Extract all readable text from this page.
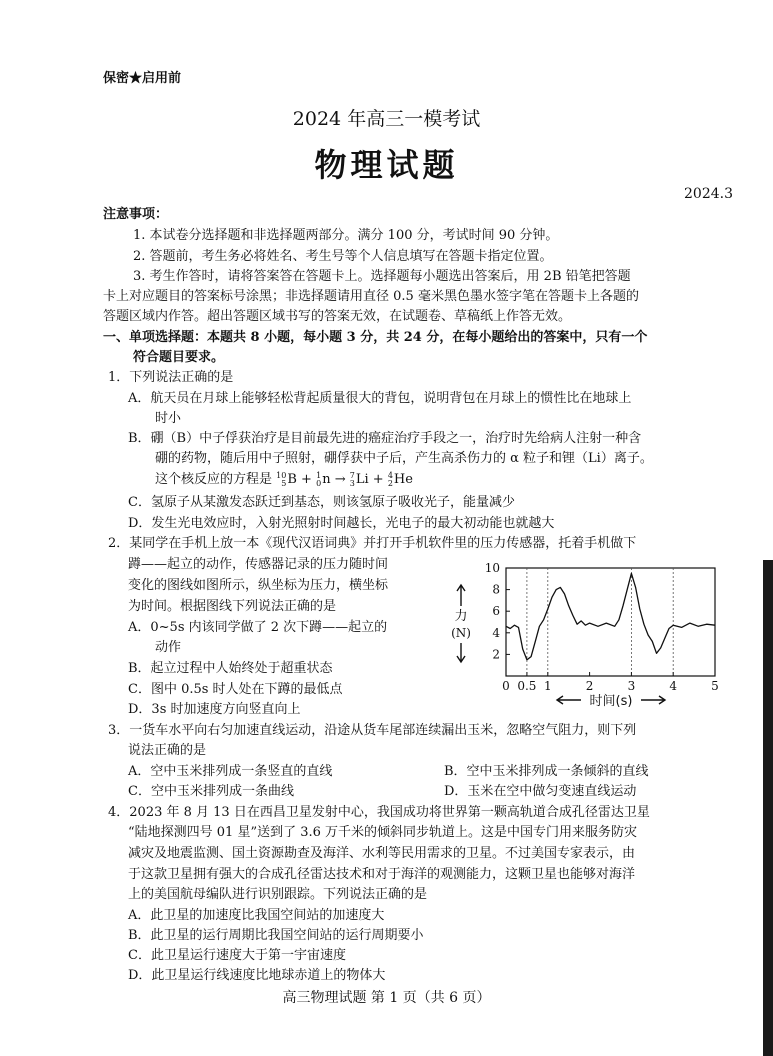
保密★启用前
2024 年高三一模考试
物理试题
2024.3
注意事项：
1. 本试卷分选择题和非选择题两部分。满分 100 分，考试时间 90 分钟。
2. 答题前，考生务必将姓名、考生号等个人信息填写在答题卡指定位置。
3. 考生作答时，请将答案答在答题卡上。选择题每小题选出答案后，用 2B 铅笔把答题
卡上对应题目的答案标号涂黑；非选择题请用直径 0.5 毫米黑色墨水签字笔在答题卡上各题的
答题区域内作答。超出答题区域书写的答案无效，在试题卷、草稿纸上作答无效。
一、单项选择题：本题共 8 小题，每小题 3 分，共 24 分，在每小题给出的答案中，只有一个
符合题目要求。
1．下列说法正确的是
A．航天员在月球上能够轻松背起质量很大的背包，说明背包在月球上的惯性比在地球上
时小
B．硼（B）中子俘获治疗是目前最先进的癌症治疗手段之一，治疗时先给病人注射一种含
硼的药物，随后用中子照射，硼俘获中子后，产生高杀伤力的 α 粒子和锂（Li）离子。
这个核反应的方程是 10
5B + 1
0n → 7
3Li + 4
2He
C．氢原子从某激发态跃迁到基态，则该氢原子吸收光子，能量减少
D．发生光电效应时，入射光照射时间越长，光电子的最大初动能也就越大
2．某同学在手机上放一本《现代汉语词典》并打开手机软件里的压力传感器，托着手机做下
蹲——起立的动作，传感器记录的压力随时间
变化的图线如图所示，纵坐标为压力，横坐标
为时间。根据图线下列说法正确的是
A．0~5s 内该同学做了 2 次下蹲——起立的
动作
B．起立过程中人始终处于超重状态
C．图中 0.5s 时人处在下蹲的最低点
D．3s 时加速度方向竖直向上
2
4
6
8
10
0 0.5 1	2	3	4	5
力
(N)
时间(s)
3．一货车水平向右匀加速直线运动，沿途从货车尾部连续漏出玉米，忽略空气阻力，则下列
说法正确的是
A．空中玉米排列成一条竖直的直线	B．空中玉米排列成一条倾斜的直线
C．空中玉米排列成一条曲线	D．玉米在空中做匀变速直线运动
4．2023 年 8 月 13 日在西昌卫星发射中心，我国成功将世界第一颗高轨道合成孔径雷达卫星
“陆地探测四号 01 星”送到了 3.6 万千米的倾斜同步轨道上。这是中国专门用来服务防灾
减灾及地震监测、国土资源勘查及海洋、水利等民用需求的卫星。不过美国专家表示，由
于这款卫星拥有强大的合成孔径雷达技术和对于海洋的观测能力，这颗卫星也能够对海洋
上的美国航母编队进行识别跟踪。下列说法正确的是
A．此卫星的加速度比我国空间站的加速度大
B．此卫星的运行周期比我国空间站的运行周期要小
C．此卫星运行速度大于第一宇宙速度
D．此卫星运行线速度比地球赤道上的物体大
高三物理试题 第 1 页（共 6 页）
